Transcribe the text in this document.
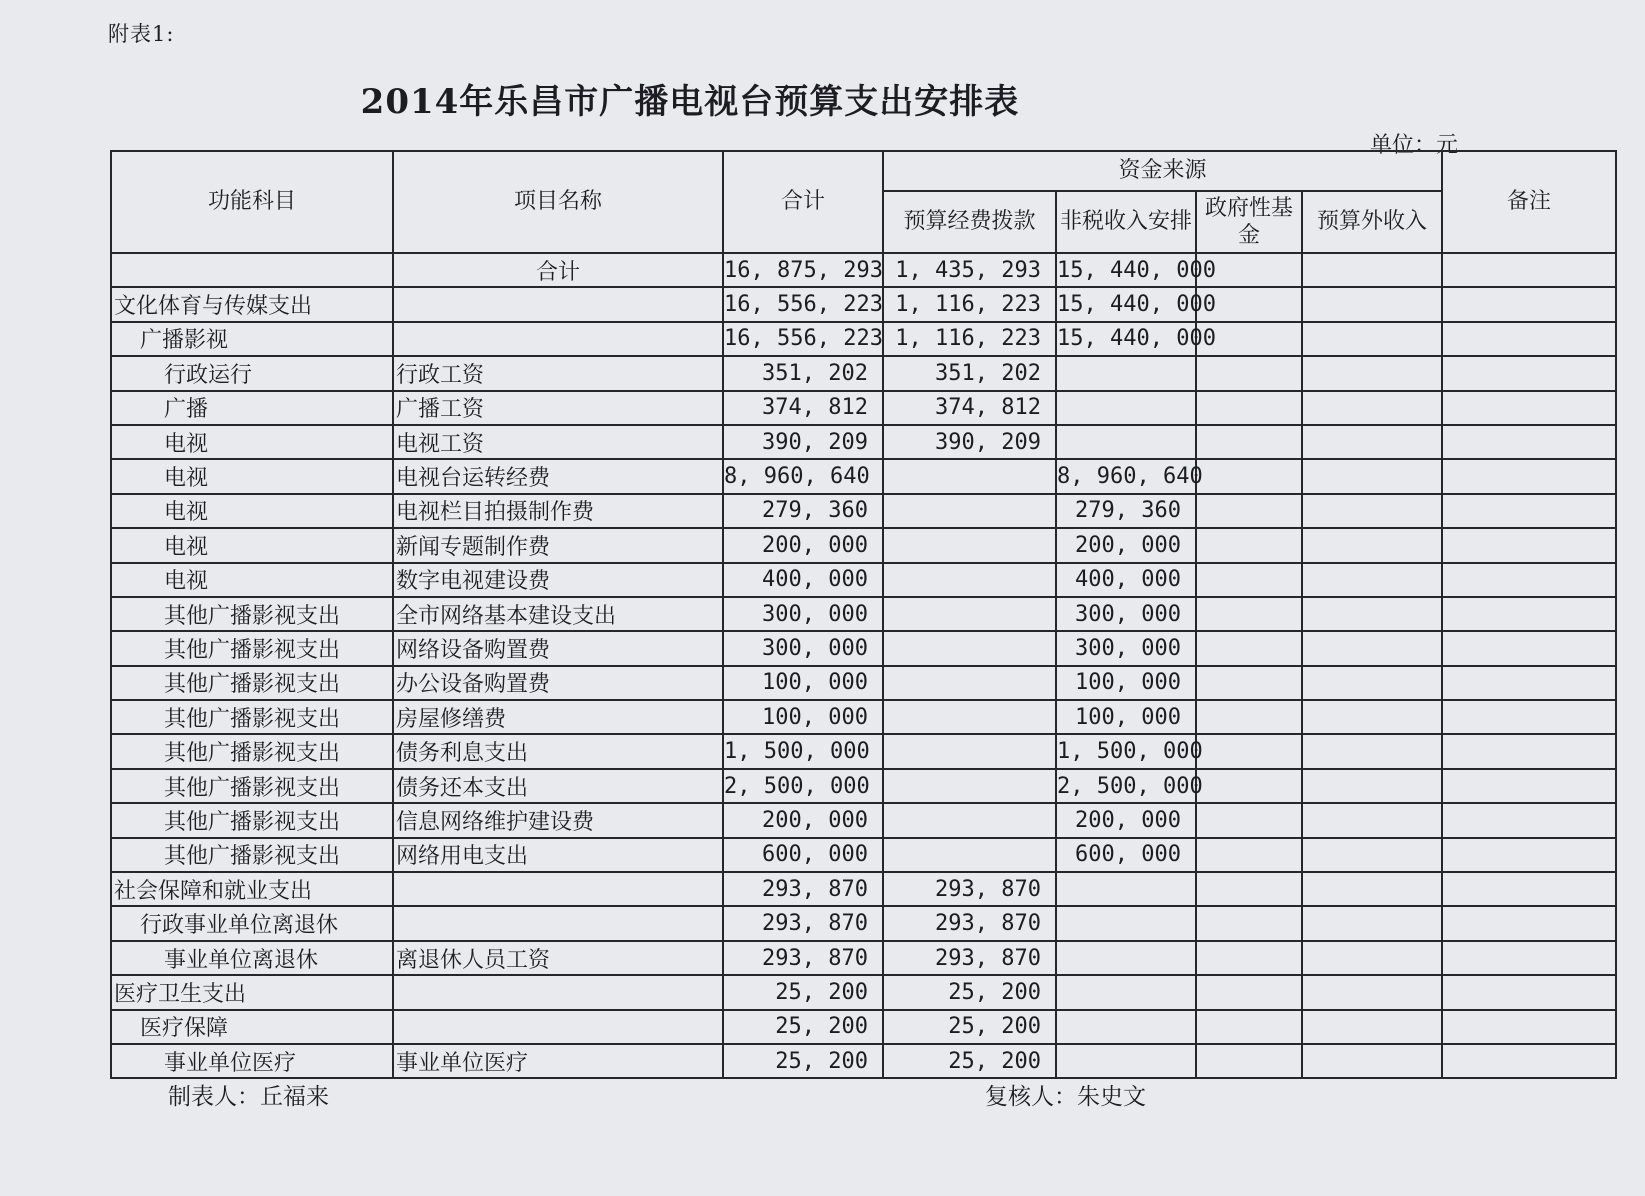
附表1:
2014年乐昌市广播电视台预算支出安排表
单位：元
功能科目	项目名称	合计	资金来源				备注
			预算经费拨款	非税收入安排	政府性基金	预算外收入	
	合计	16, 875, 293	1, 435, 293	15, 440, 000			
文化体育与传媒支出		16, 556, 223	1, 116, 223	15, 440, 000			
广播影视		16, 556, 223	1, 116, 223	15, 440, 000			
行政运行	行政工资	351, 202	351, 202				
广播	广播工资	374, 812	374, 812				
电视	电视工资	390, 209	390, 209				
电视	电视台运转经费	8, 960, 640		8, 960, 640			
电视	电视栏目拍摄制作费	279, 360		279, 360			
电视	新闻专题制作费	200, 000		200, 000			
电视	数字电视建设费	400, 000		400, 000			
其他广播影视支出	全市网络基本建设支出	300, 000		300, 000			
其他广播影视支出	网络设备购置费	300, 000		300, 000			
其他广播影视支出	办公设备购置费	100, 000		100, 000			
其他广播影视支出	房屋修缮费	100, 000		100, 000			
其他广播影视支出	债务利息支出	1, 500, 000		1, 500, 000			
其他广播影视支出	债务还本支出	2, 500, 000		2, 500, 000			
其他广播影视支出	信息网络维护建设费	200, 000		200, 000			
其他广播影视支出	网络用电支出	600, 000		600, 000			
社会保障和就业支出		293, 870	293, 870				
行政事业单位离退休		293, 870	293, 870				
事业单位离退休	离退休人员工资	293, 870	293, 870				
医疗卫生支出		25, 200	25, 200				
医疗保障		25, 200	25, 200				
事业单位医疗	事业单位医疗	25, 200	25, 200				
制表人：丘福来	复核人：朱史文
